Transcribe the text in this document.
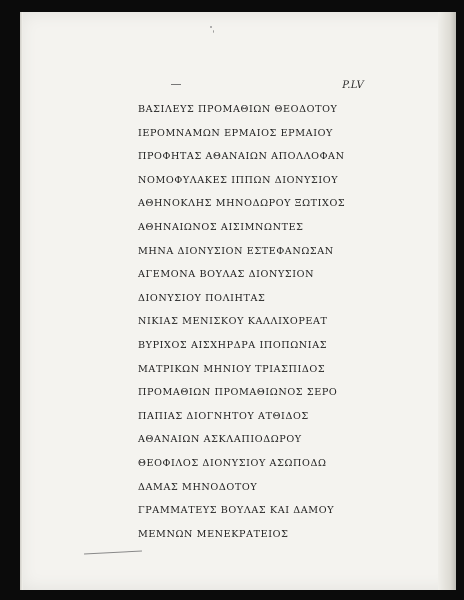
P.LV
ΒΑΣΙΛΕΥΣ ΠΡΟΜΑΘΙΩΝ ΘΕΟΔΟΤΟΥ
ΙΕΡΟΜΝΑΜΩΝ ΕΡΜΑΙΟΣ ΕΡΜΑΙΟΥ
ΠΡΟΦΗΤΑΣ ΑΘΑΝΑΙΩΝ ΑΠΟΛΛΟΦΑΝ
ΝΟΜΟΦΥΛΑΚΕΣ ΙΠΠΩΝ ΔΙΟΝΥΣΙΟΥ
ΑΘΗΝΟΚΛΗΣ ΜΗΝΟΔΩΡΟΥ ΞΩΤΙΧΟΣ
ΑΘΗΝΑΙΩΝΟΣ ΑΙΣΙΜΝΩΝΤΕΣ
ΜΗΝΑ ΔΙΟΝΥΣΙΟΝ ΕΣΤΕΦΑΝΩΣΑΝ
ΑΓΕΜΟΝΑ ΒΟΥΛΑΣ ΔΙΟΝΥΣΙΟΝ
ΔΙΟΝΥΣΙΟΥ ΠΟΛΙΗΤΑΣ
ΝΙΚΙΑΣ ΜΕΝΙΣΚΟΥ ΚΑΛΛΙΧΟΡΕΑΤ
ΒΥΡΙΧΟΣ ΑΙΣΧΗΡΔΡΑ ΙΠΟΠΩΝΙΑΣ
ΜΑΤΡΙΚΩΝ ΜΗΝΙΟΥ ΤΡΙΑΣΠΙΔΟΣ
ΠΡΟΜΑΘΙΩΝ ΠΡΟΜΑΘΙΩΝΟΣ ΣΕΡΟ
ΠΑΠΙΑΣ ΔΙΟΓΝΗΤΟΥ ΑΤΘΙΔΟΣ
ΑΘΑΝΑΙΩΝ ΑΣΚΛΑΠΙΟΔΩΡΟΥ
ΘΕΟΦΙΛΟΣ ΔΙΟΝΥΣΙΟΥ ΑΣΩΠΟΔΩ
ΔΑΜΑΣ ΜΗΝΟΔΟΤΟΥ
ΓΡΑΜΜΑΤΕΥΣ ΒΟΥΛΑΣ ΚΑΙ ΔΑΜΟΥ
ΜΕΜΝΩΝ ΜΕΝΕΚΡΑΤΕΙΟΣ
